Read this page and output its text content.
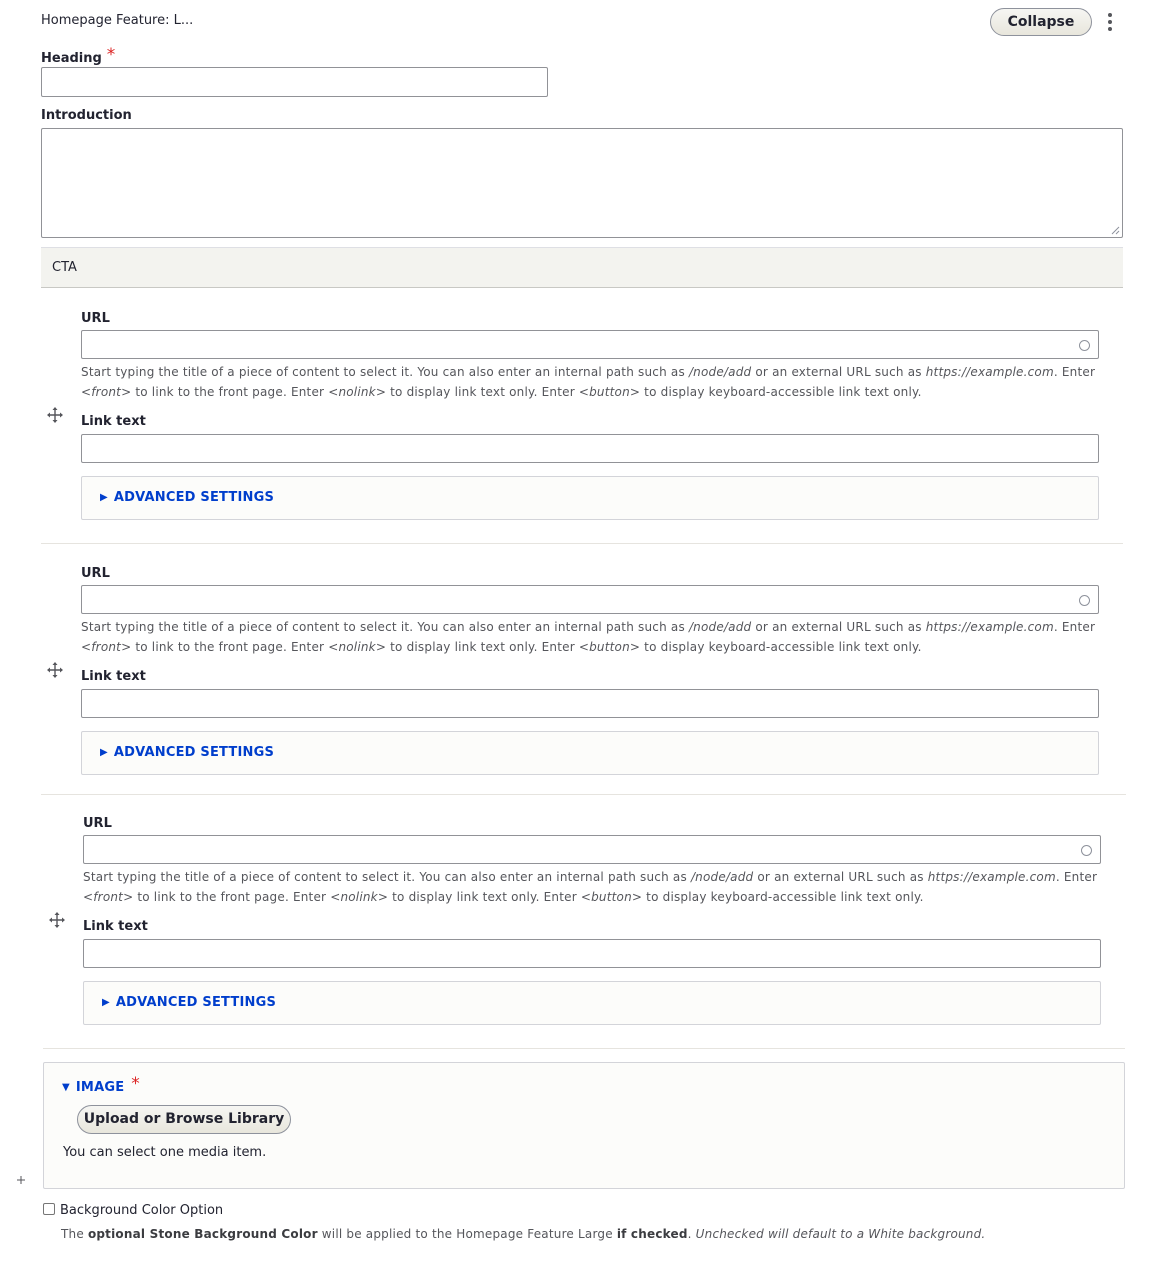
Homepage Feature: L...	Collapse
Heading *
Introduction
CTA
URL
Start typing the title of a piece of content to select it. You can also enter an internal path such as /node/add or an external URL such as https://example.com. Enter <front> to link to the front page. Enter <nolink> to display link text only. Enter <button> to display keyboard-accessible link text only.
Link text
▶ ADVANCED SETTINGS
URL
Start typing the title of a piece of content to select it. You can also enter an internal path such as /node/add or an external URL such as https://example.com. Enter <front> to link to the front page. Enter <nolink> to display link text only. Enter <button> to display keyboard-accessible link text only.
Link text
▶ ADVANCED SETTINGS
URL
Start typing the title of a piece of content to select it. You can also enter an internal path such as /node/add or an external URL such as https://example.com. Enter <front> to link to the front page. Enter <nolink> to display link text only. Enter <button> to display keyboard-accessible link text only.
Link text
▶ ADVANCED SETTINGS
▼ IMAGE *
Upload or Browse Library
You can select one media item.
Background Color Option
The optional Stone Background Color will be applied to the Homepage Feature Large if checked. Unchecked will default to a White background.
